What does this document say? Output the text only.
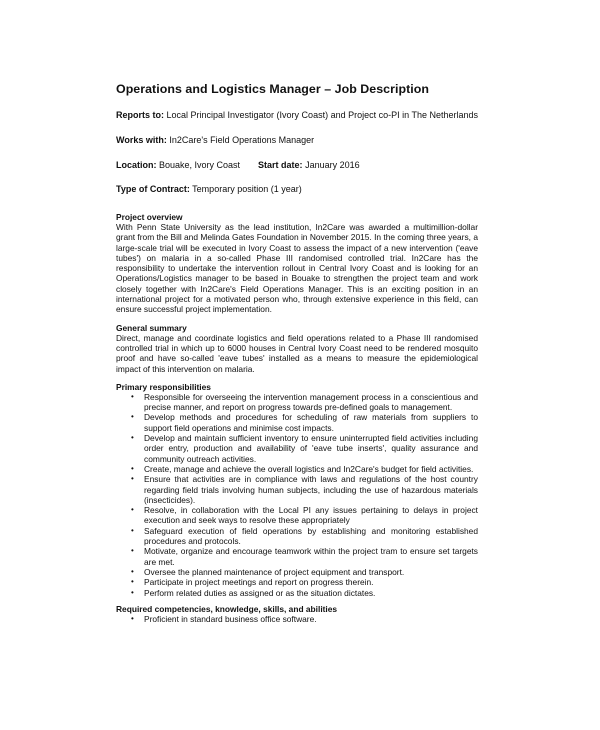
Operations and Logistics Manager – Job Description

Reports to: Local Principal Investigator (Ivory Coast) and Project co-PI in The Netherlands

Works with: In2Care's Field Operations Manager

Location: Bouake, Ivory Coast Start date: January 2016

Type of Contract: Temporary position (1 year)

Project overview

With Penn State University as the lead institution, In2Care was awarded a multimillion-dollar grant from the Bill and Melinda Gates Foundation in November 2015. In the coming three years, a large-scale trial will be executed in Ivory Coast to assess the impact of a new intervention ('eave tubes') on malaria in a so-called Phase III randomised controlled trial. In2Care has the responsibility to undertake the intervention rollout in Central Ivory Coast and is looking for an Operations/Logistics manager to be based in Bouake to strengthen the project team and work closely together with In2Care's Field Operations Manager. This is an exciting position in an international project for a motivated person who, through extensive experience in this field, can ensure successful project implementation.

General summary

Direct, manage and coordinate logistics and field operations related to a Phase III randomised controlled trial in which up to 6000 houses in Central Ivory Coast need to be rendered mosquito proof and have so-called 'eave tubes' installed as a means to measure the epidemiological impact of this intervention on malaria.

Primary responsibilities

• Responsible for overseeing the intervention management process in a conscientious and precise manner, and report on progress towards pre-defined goals to management.
• Develop methods and procedures for scheduling of raw materials from suppliers to support field operations and minimise cost impacts.
• Develop and maintain sufficient inventory to ensure uninterrupted field activities including order entry, production and availability of 'eave tube inserts', quality assurance and community outreach activities.
• Create, manage and achieve the overall logistics and In2Care's budget for field activities.
• Ensure that activities are in compliance with laws and regulations of the host country regarding field trials involving human subjects, including the use of hazardous materials (insecticides).
• Resolve, in collaboration with the Local PI any issues pertaining to delays in project execution and seek ways to resolve these appropriately
• Safeguard execution of field operations by establishing and monitoring established procedures and protocols.
• Motivate, organize and encourage teamwork within the project tram to ensure set targets are met.
• Oversee the planned maintenance of project equipment and transport.
• Participate in project meetings and report on progress therein.
• Perform related duties as assigned or as the situation dictates.

Required competencies, knowledge, skills, and abilities

• Proficient in standard business office software.
